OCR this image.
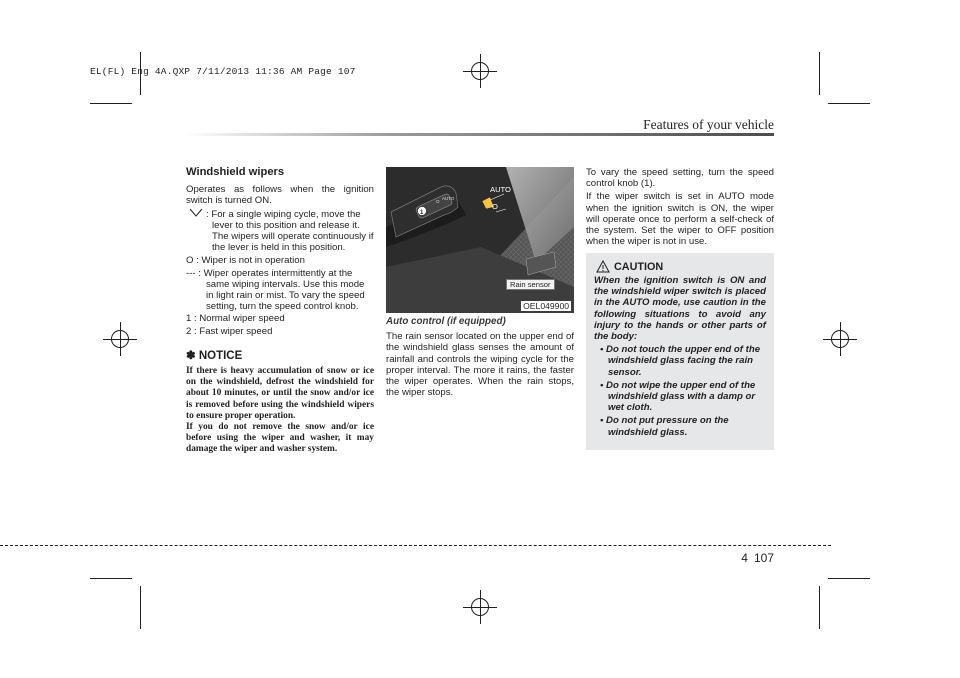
EL(FL) Eng 4A.QXP 7/11/2013 11:36 AM Page 107
Features of your vehicle
Windshield wipers

Operates as follows when the ignition switch is turned ON.

: For a single wiping cycle, move the lever to this position and release it. The wipers will operate continuously if the lever is held in this position.
O : Wiper is not in operation
--- : Wiper operates intermittently at the same wiping intervals. Use this mode in light rain or mist. To vary the speed setting, turn the speed control knob.
1 : Normal wiper speed
2 : Fast wiper speed
✽ NOTICE

If there is heavy accumulation of snow or ice on the windshield, defrost the windshield for about 10 minutes, or until the snow and/or ice is removed before using the windshield wipers to ensure proper operation.

If you do not remove the snow and/or ice before using the wiper and washer, it may damage the wiper and washer system.

1
O
AUTO
AUTO
O
Rain sensor
OEL049900

Auto control (if equipped)

The rain sensor located on the upper end of the windshield glass senses the amount of rainfall and controls the wiping cycle for the proper interval. The more it rains, the faster the wiper operates. When the rain stops, the wiper stops.

To vary the speed setting, turn the speed control knob (1).

If the wiper switch is set in AUTO mode when the ignition switch is ON, the wiper will operate once to perform a self-check of the system. Set the wiper to OFF position when the wiper is not in use.

CAUTION

When the ignition switch is ON and the windshield wiper switch is placed in the AUTO mode, use caution in the following situations to avoid any injury to the hands or other parts of the body:

• Do not touch the upper end of the windshield glass facing the rain sensor.

• Do not wipe the upper end of the windshield glass with a damp or wet cloth.

• Do not put pressure on the windshield glass.

4 107
